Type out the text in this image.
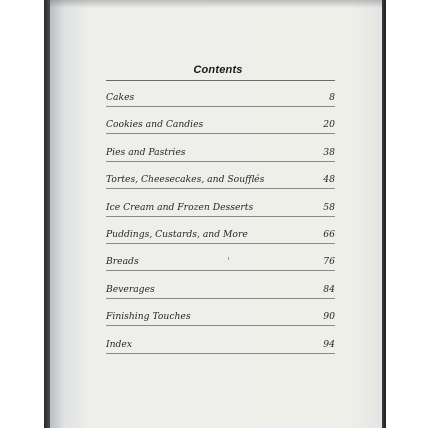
Contents
Cakes	8
Cookies and Candies	20
Pies and Pastries	38
Tortes, Cheesecakes, and Soufflés	48
Ice Cream and Frozen Desserts	58
Puddings, Custards, and More	66
Breads	76
Beverages	84
Finishing Touches	90
Index	94
